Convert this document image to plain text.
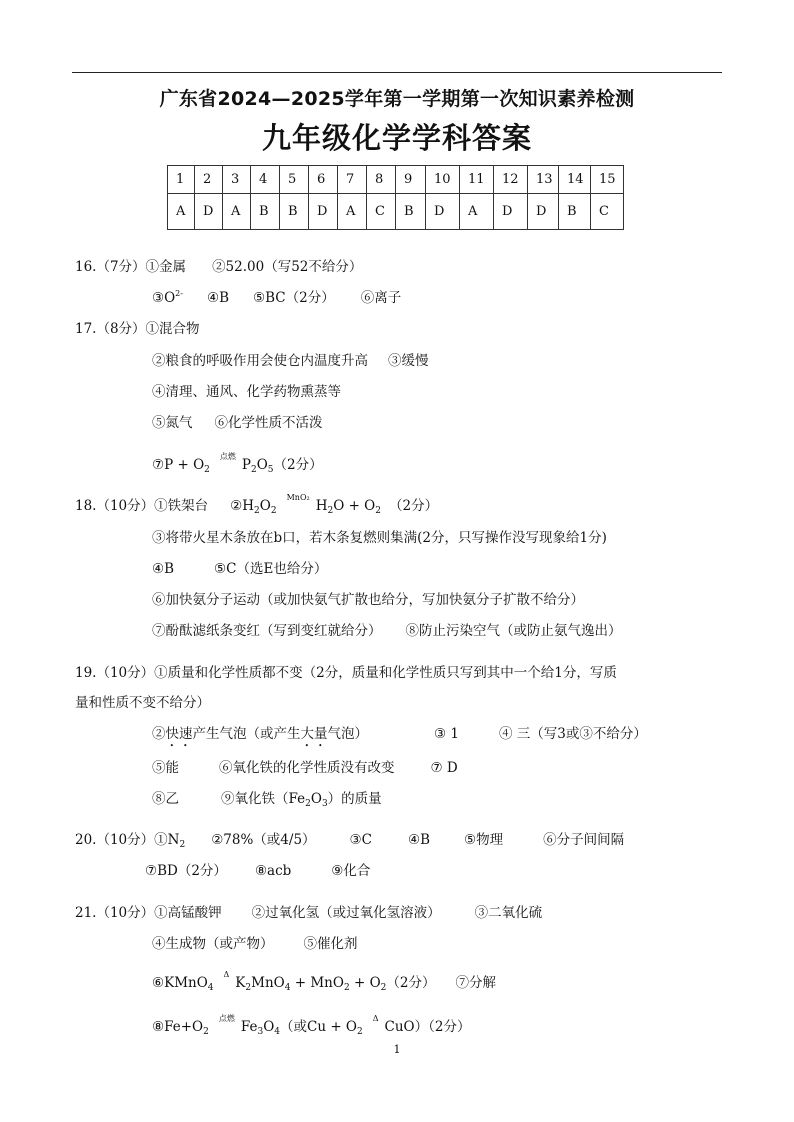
广东省2024—2025学年第一学期第一次知识素养检测
九年级化学学科答案
1	2	3	4	5	6	7	8	9	10	11	12	13	14	15
A	D	A	B	B	D	A	C	B	D	A	D	D	B	C
16.（7分）①金属 ②52.00（写52不给分）
$③O^{2-}$ ④B ⑤BC（2分） ⑥离子
17.（8分）①混合物
②粮食的呼吸作用会使仓内温度升高 ③缓慢
④清理、通风、化学药物熏蒸等
⑤氮气 ⑥化学性质不活泼
⑦P + $O_2^{点燃}P_2O_5(2$分）
18.（10分）①铁架台 $②H_2O_2^{MnO_2}H_2O + O_2$ （2分）
③将带火星木条放在b口，若木条复燃则集满(2分，只写操作没写现象给1分)
④B	⑤C（选E也给分）
⑥加快氨分子运动（或加快氨气扩散也给分，写加快氨分子扩散不给分）
⑦酚酞滤纸条变红（写到变红就给分） ⑧防止污染空气（或防止氨气逸出）
19.（10分）①质量和化学性质都不变（2分，质量和化学性质只写到其中一个给1分，写质
量和性质不变不给分）
②快速产生气泡（或产生大量气泡）	③ 1	④ 三（写3或③不给分）
⑤能	⑥氧化铁的化学性质没有改变	⑦ D
⑧乙	⑨氧化铁$(Fe_2O_3)$的质量
20.（10分）$①N_2$ ②78%（或4/5）	③C	④B	⑤物理	⑥分子间间隔
⑦BD（2分） ⑧acb	⑨化合
21.（10分）①高锰酸钾 ②过氧化氢（或过氧化氢溶液）	③二氧化硫
④生成物（或产物） ⑤催化剂
$⑥KMnO_4^\Delta K_2MnO_4 + MnO_2 + O_2(2$分） ⑦分解
$⑧Fe+O_2^{点燃}Fe_3O_4$（或$Cu + O_2^\Delta CuO)(2$分）
1
